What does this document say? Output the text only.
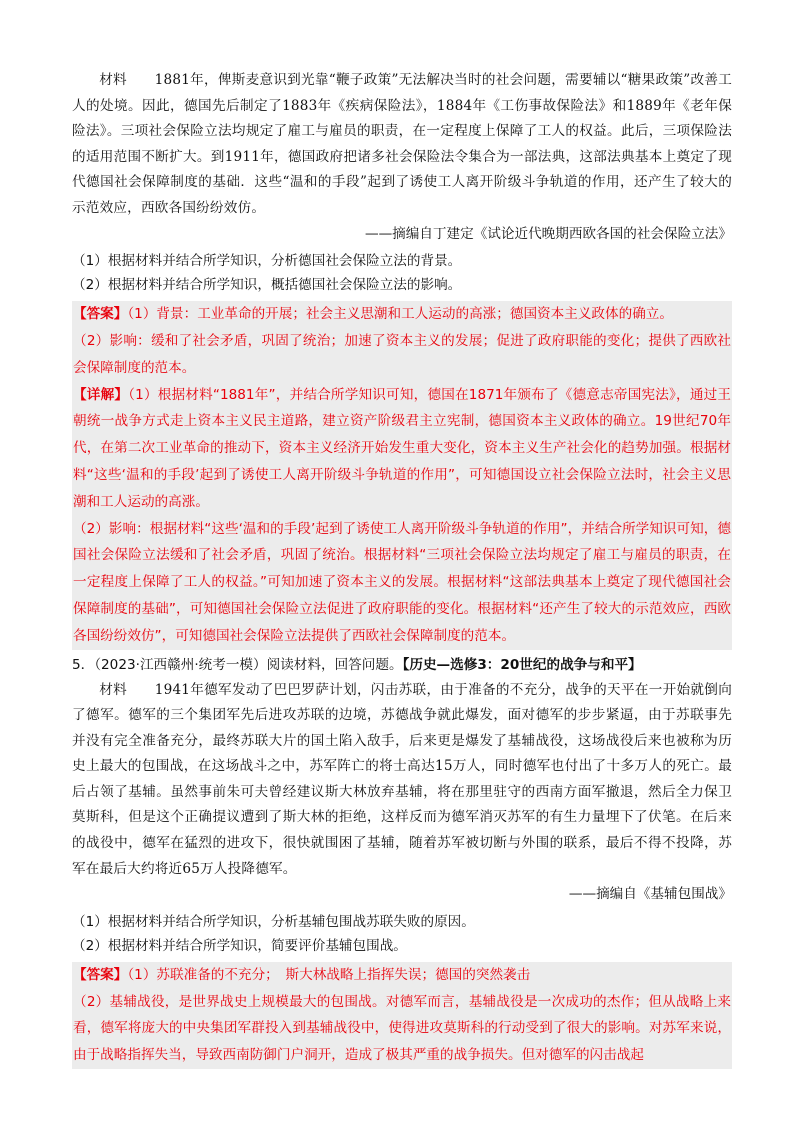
材料　　1881年，俾斯麦意识到光靠“鞭子政策”无法解决当时的社会问题，需要辅以“糖果政策”改善工人的处境。因此，德国先后制定了1883年《疾病保险法》，1884年《工伤事故保险法》和1889年《老年保险法》。三项社会保险立法均规定了雇工与雇员的职责，在一定程度上保障了工人的权益。此后，三项保险法的适用范围不断扩大。到1911年，德国政府把诸多社会保险法令集合为一部法典，这部法典基本上奠定了现代德国社会保障制度的基础．这些“温和的手段”起到了诱使工人离开阶级斗争轨道的作用，还产生了较大的示范效应，西欧各国纷纷效仿。

——摘编自丁建定《试论近代晚期西欧各国的社会保险立法》

（1）根据材料并结合所学知识，分析德国社会保险立法的背景。

（2）根据材料并结合所学知识，概括德国社会保险立法的影响。

【答案】（1）背景：工业革命的开展；社会主义思潮和工人运动的高涨；德国资本主义政体的确立。

（2）影响：缓和了社会矛盾，巩固了统治；加速了资本主义的发展；促进了政府职能的变化；提供了西欧社会保障制度的范本。

【详解】（1）根据材料“1881年”，并结合所学知识可知，德国在1871年颁布了《德意志帝国宪法》，通过王朝统一战争方式走上资本主义民主道路，建立资产阶级君主立宪制，德国资本主义政体的确立。19世纪70年代，在第二次工业革命的推动下，资本主义经济开始发生重大变化，资本主义生产社会化的趋势加强。根据材料“这些‘温和的手段’起到了诱使工人离开阶级斗争轨道的作用”，可知德国设立社会保险立法时，社会主义思潮和工人运动的高涨。

（2）影响：根据材料“这些‘温和的手段’起到了诱使工人离开阶级斗争轨道的作用”，并结合所学知识可知，德国社会保险立法缓和了社会矛盾，巩固了统治。根据材料“三项社会保险立法均规定了雇工与雇员的职责，在一定程度上保障了工人的权益。”可知加速了资本主义的发展。根据材料“这部法典基本上奠定了现代德国社会保障制度的基础”，可知德国社会保险立法促进了政府职能的变化。根据材料“还产生了较大的示范效应，西欧各国纷纷效仿”，可知德国社会保险立法提供了西欧社会保障制度的范本。

5．（2023·江西赣州·统考一模）阅读材料，回答问题。【历史—选修3：20世纪的战争与和平】

材料　　1941年德军发动了巴巴罗萨计划，闪击苏联，由于准备的不充分，战争的天平在一开始就倒向了德军。德军的三个集团军先后进攻苏联的边境，苏德战争就此爆发，面对德军的步步紧逼，由于苏联事先并没有完全准备充分，最终苏联大片的国土陷入敌手，后来更是爆发了基辅战役，这场战役后来也被称为历史上最大的包围战，在这场战斗之中，苏军阵亡的将士高达15万人，同时德军也付出了十多万人的死亡。最后占领了基辅。虽然事前朱可夫曾经建议斯大林放弃基辅，将在那里驻守的西南方面军撤退，然后全力保卫莫斯科，但是这个正确提议遭到了斯大林的拒绝，这样反而为德军消灭苏军的有生力量埋下了伏笔。在后来的战役中，德军在猛烈的进攻下，很快就围困了基辅，随着苏军被切断与外围的联系，最后不得不投降，苏军在最后大约将近65万人投降德军。

——摘编自《基辅包围战》

（1）根据材料并结合所学知识，分析基辅包围战苏联失败的原因。

（2）根据材料并结合所学知识，简要评价基辅包围战。

【答案】（1）苏联准备的不充分；　斯大林战略上指挥失误；德国的突然袭击

（2）基辅战役，是世界战史上规模最大的包围战。对德军而言，基辅战役是一次成功的杰作；但从战略上来看，德军将庞大的中央集团军群投入到基辅战役中，使得进攻莫斯科的行动受到了很大的影响。对苏军来说，由于战略指挥失当，导致西南防御门户洞开，造成了极其严重的战争损失。但对德军的闪击战起
